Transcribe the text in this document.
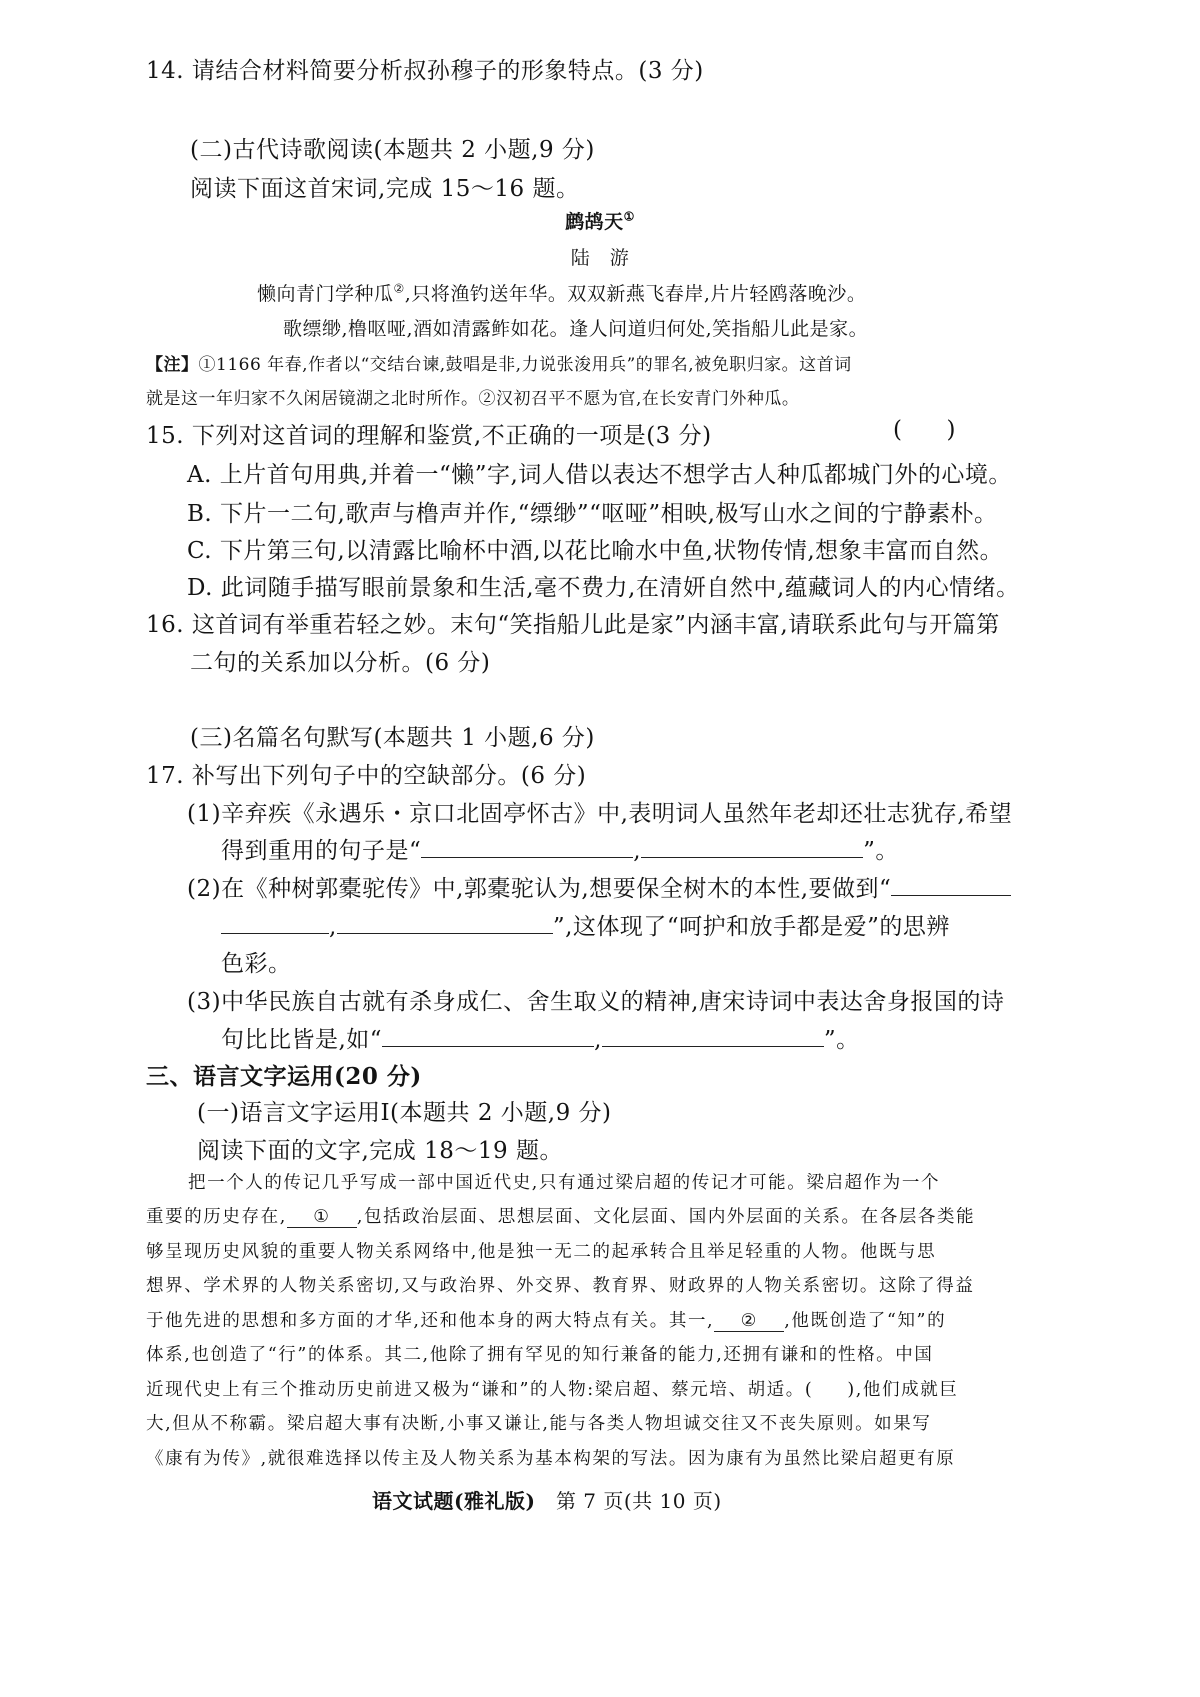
14. 请结合材料简要分析叔孙穆子的形象特点。(3 分)
(二)古代诗歌阅读(本题共 2 小题,9 分)
阅读下面这首宋词,完成 15～16 题。
鹧鸪天①
陆　游
懒向青门学种瓜②,只将渔钓送年华。双双新燕飞春岸,片片轻鸥落晚沙。
歌缥缈,橹呕哑,酒如清露鲊如花。逢人问道归何处,笑指船儿此是家。
【注】①1166 年春,作者以“交结台谏,鼓唱是非,力说张浚用兵”的罪名,被免职归家。这首词
就是这一年归家不久闲居镜湖之北时所作。②汉初召平不愿为官,在长安青门外种瓜。
15. 下列对这首词的理解和鉴赏,不正确的一项是(3 分)	( )
A. 上片首句用典,并着一“懒”字,词人借以表达不想学古人种瓜都城门外的心境。
B. 下片一二句,歌声与橹声并作,“缥缈”“呕哑”相映,极写山水之间的宁静素朴。
C. 下片第三句,以清露比喻杯中酒,以花比喻水中鱼,状物传情,想象丰富而自然。
D. 此词随手描写眼前景象和生活,毫不费力,在清妍自然中,蕴藏词人的内心情绪。
16. 这首词有举重若轻之妙。末句“笑指船儿此是家”内涵丰富,请联系此句与开篇第
二句的关系加以分析。(6 分)
(三)名篇名句默写(本题共 1 小题,6 分)
17. 补写出下列句子中的空缺部分。(6 分)
(1)辛弃疾《永遇乐・京口北固亭怀古》中,表明词人虽然年老却还壮志犹存,希望
得到重用的句子是“	,	”。
(2)在《种树郭橐驼传》中,郭橐驼认为,想要保全树木的本性,要做到“
,	”,这体现了“呵护和放手都是爱”的思辨
色彩。
(3)中华民族自古就有杀身成仁、舍生取义的精神,唐宋诗词中表达舍身报国的诗
句比比皆是,如“	,	”。
三、语言文字运用(20 分)
(一)语言文字运用Ⅰ(本题共 2 小题,9 分)
阅读下面的文字,完成 18～19 题。
把一个人的传记几乎写成一部中国近代史,只有通过梁启超的传记才可能。梁启超作为一个
重要的历史存在, ① ,包括政治层面、思想层面、文化层面、国内外层面的关系。在各层各类能
够呈现历史风貌的重要人物关系网络中,他是独一无二的起承转合且举足轻重的人物。他既与思
想界、学术界的人物关系密切,又与政治界、外交界、教育界、财政界的人物关系密切。这除了得益
于他先进的思想和多方面的才华,还和他本身的两大特点有关。其一, ② ,他既创造了“知”的
体系,也创造了“行”的体系。其二,他除了拥有罕见的知行兼备的能力,还拥有谦和的性格。中国
近现代史上有三个推动历史前进又极为“谦和”的人物:梁启超、蔡元培、胡适。( ),他们成就巨
大,但从不称霸。梁启超大事有决断,小事又谦让,能与各类人物坦诚交往又不丧失原则。如果写
《康有为传》,就很难选择以传主及人物关系为基本构架的写法。因为康有为虽然比梁启超更有原
语文试题(雅礼版)　 第 7 页(共 10 页)
